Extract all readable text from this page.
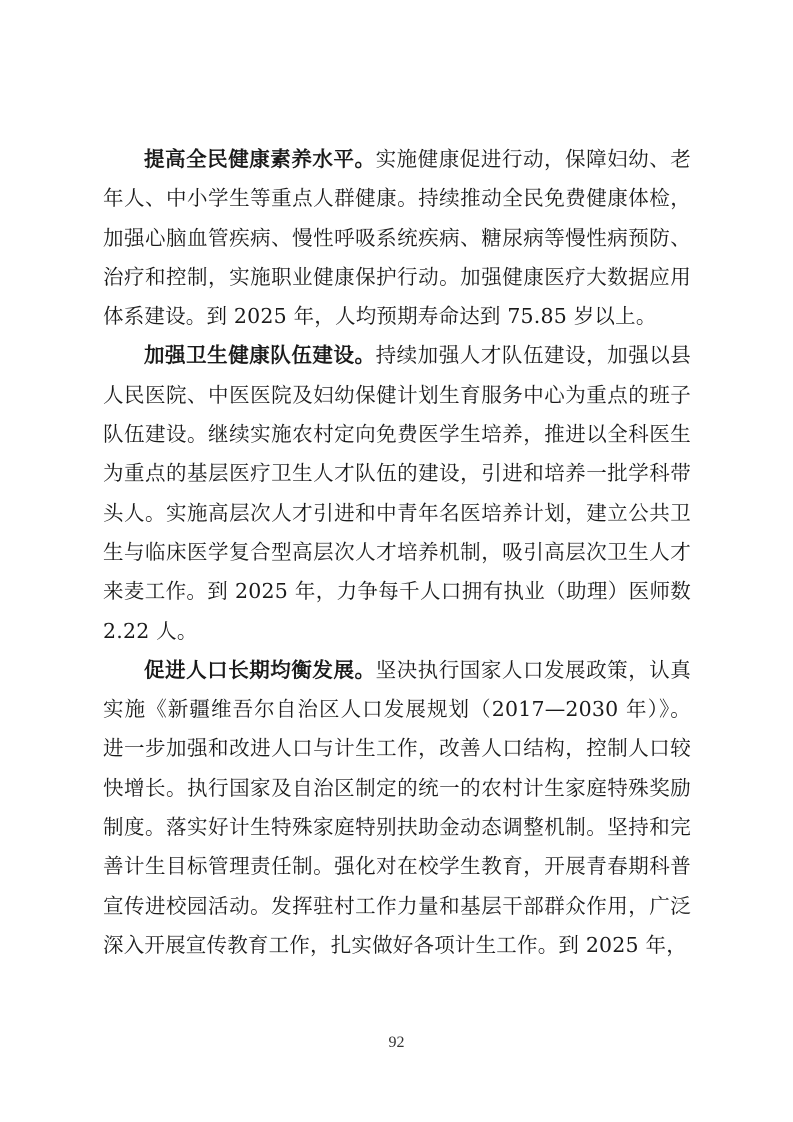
提高全民健康素养水平。实施健康促进行动，保障妇幼、老年人、中小学生等重点人群健康。持续推动全民免费健康体检，加强心脑血管疾病、慢性呼吸系统疾病、糖尿病等慢性病预防、治疗和控制，实施职业健康保护行动。加强健康医疗大数据应用体系建设。到 2025 年，人均预期寿命达到 75.85 岁以上。

加强卫生健康队伍建设。持续加强人才队伍建设，加强以县人民医院、中医医院及妇幼保健计划生育服务中心为重点的班子队伍建设。继续实施农村定向免费医学生培养，推进以全科医生为重点的基层医疗卫生人才队伍的建设，引进和培养一批学科带头人。实施高层次人才引进和中青年名医培养计划，建立公共卫生与临床医学复合型高层次人才培养机制，吸引高层次卫生人才来麦工作。到 2025 年，力争每千人口拥有执业（助理）医师数 2.22 人。

促进人口长期均衡发展。坚决执行国家人口发展政策，认真实施《新疆维吾尔自治区人口发展规划（2017—2030 年）》。进一步加强和改进人口与计生工作，改善人口结构，控制人口较快增长。执行国家及自治区制定的统一的农村计生家庭特殊奖励制度。落实好计生特殊家庭特别扶助金动态调整机制。坚持和完善计生目标管理责任制。强化对在校学生教育，开展青春期科普宣传进校园活动。发挥驻村工作力量和基层干部群众作用，广泛深入开展宣传教育工作，扎实做好各项计生工作。到 2025 年，

92
